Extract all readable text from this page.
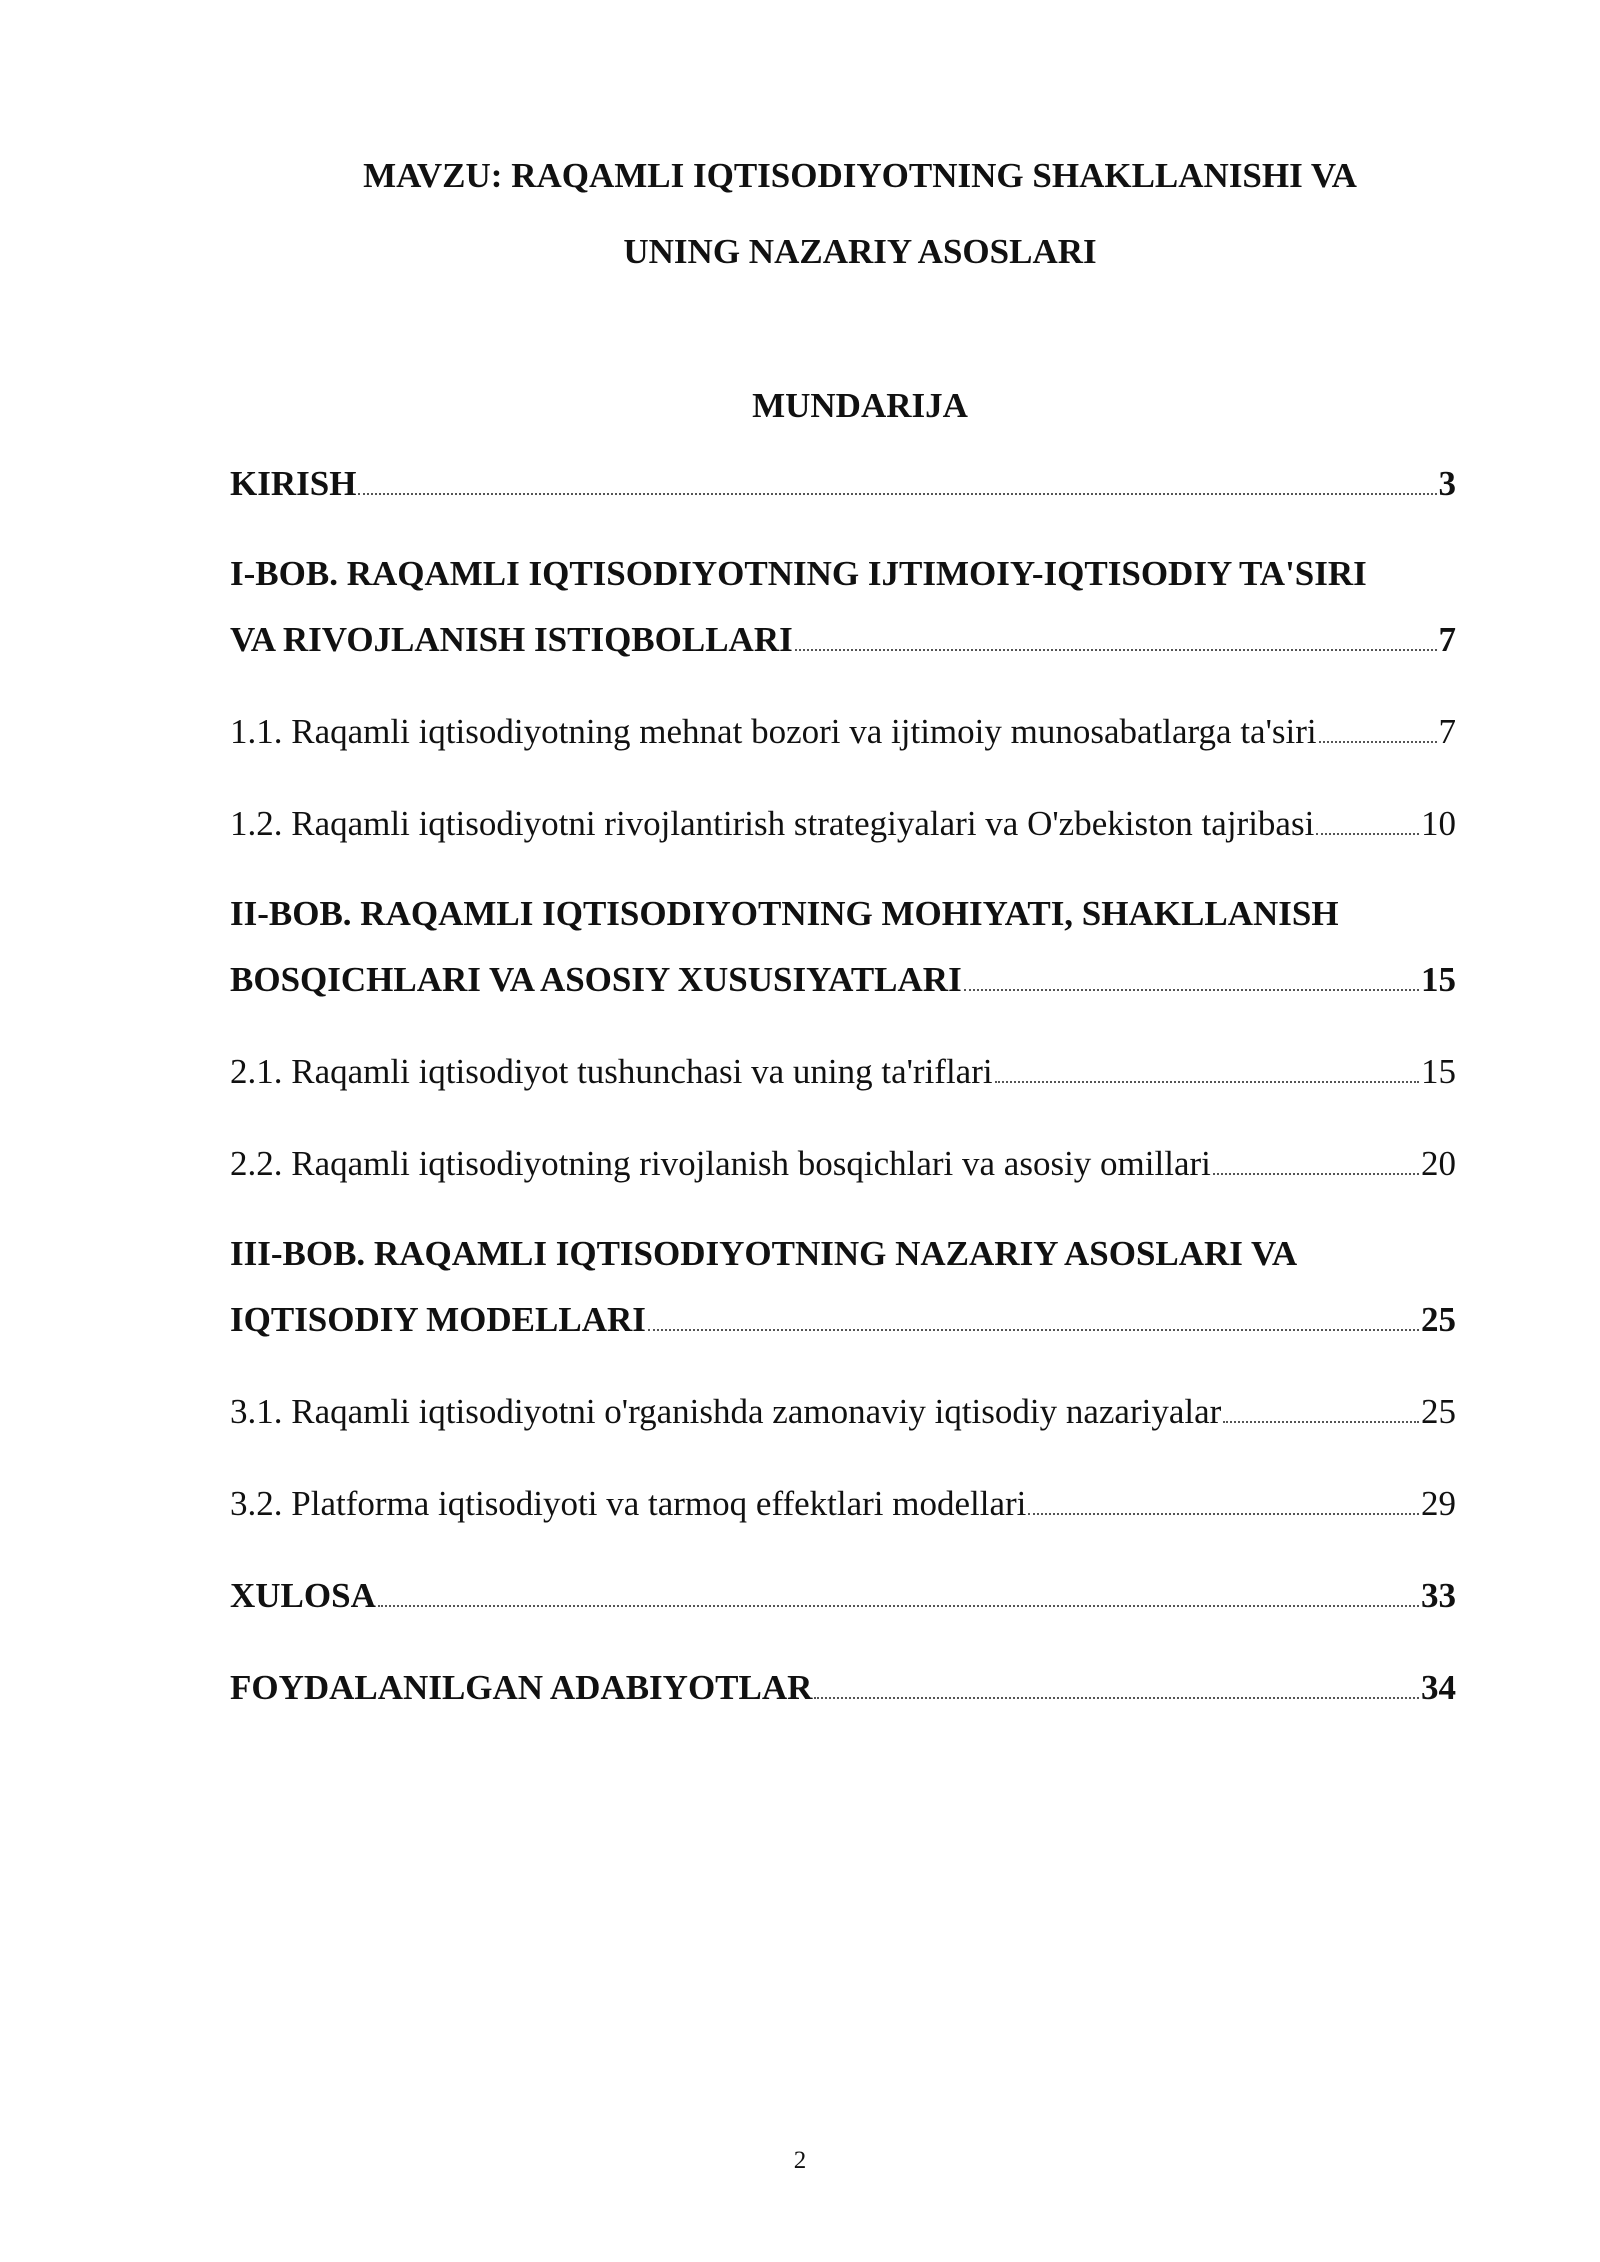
MAVZU: RAQAMLI IQTISODIYOTNING SHAKLLANISHI VA
UNING NAZARIY ASOSLARI
MUNDARIJA
KIRISH	3
I-BOB. RAQAMLI IQTISODIYOTNING IJTIMOIY-IQTISODIY TA'SIRI
VA RIVOJLANISH ISTIQBOLLARI	7
1.1. Raqamli iqtisodiyotning mehnat bozori va ijtimoiy munosabatlarga ta'siri	7
1.2. Raqamli iqtisodiyotni rivojlantirish strategiyalari va O'zbekiston tajribasi	10
II-BOB. RAQAMLI IQTISODIYOTNING MOHIYATI, SHAKLLANISH
BOSQICHLARI VA ASOSIY XUSUSIYATLARI	15
2.1. Raqamli iqtisodiyot tushunchasi va uning ta'riflari	15
2.2. Raqamli iqtisodiyotning rivojlanish bosqichlari va asosiy omillari	20
III-BOB. RAQAMLI IQTISODIYOTNING NAZARIY ASOSLARI VA
IQTISODIY MODELLARI	25
3.1. Raqamli iqtisodiyotni o'rganishda zamonaviy iqtisodiy nazariyalar	25
3.2. Platforma iqtisodiyoti va tarmoq effektlari modellari	29
XULOSA	33
FOYDALANILGAN ADABIYOTLAR	34
2
